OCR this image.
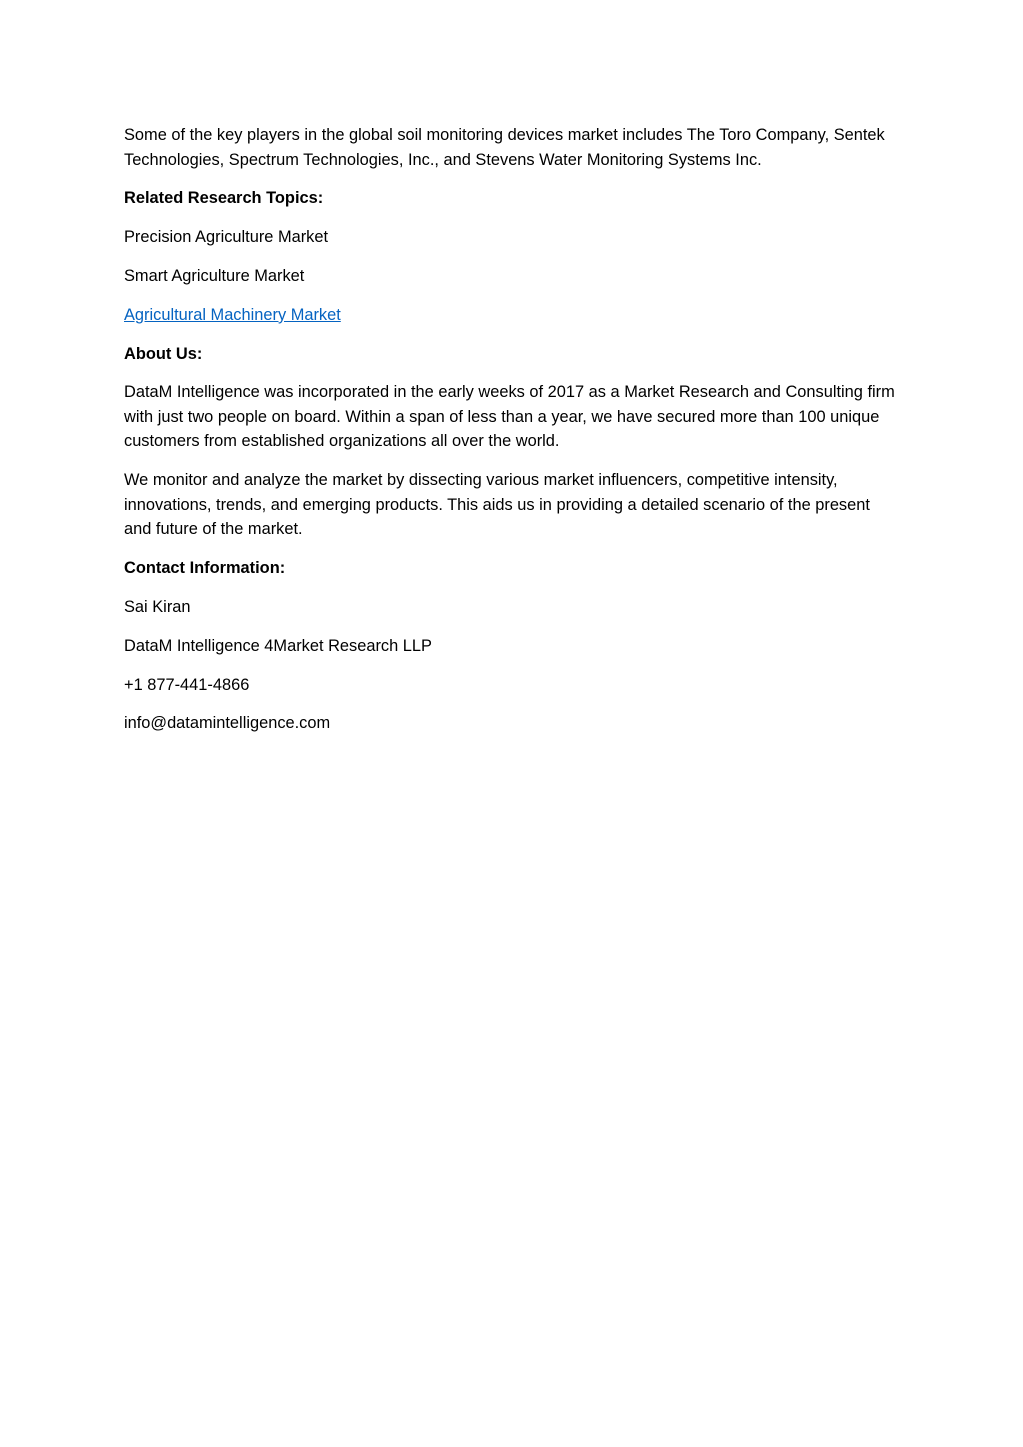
Some of the key players in the global soil monitoring devices market includes The Toro Company, Sentek Technologies, Spectrum Technologies, Inc., and Stevens Water Monitoring Systems Inc.

Related Research Topics:

Precision Agriculture Market

Smart Agriculture Market

Agricultural Machinery Market

About Us:

DataM Intelligence was incorporated in the early weeks of 2017 as a Market Research and Consulting firm with just two people on board. Within a span of less than a year, we have secured more than 100 unique customers from established organizations all over the world.

We monitor and analyze the market by dissecting various market influencers, competitive intensity, innovations, trends, and emerging products. This aids us in providing a detailed scenario of the present and future of the market.

Contact Information:

Sai Kiran

DataM Intelligence 4Market Research LLP

+1 877-441-4866

info@datamintelligence.com
